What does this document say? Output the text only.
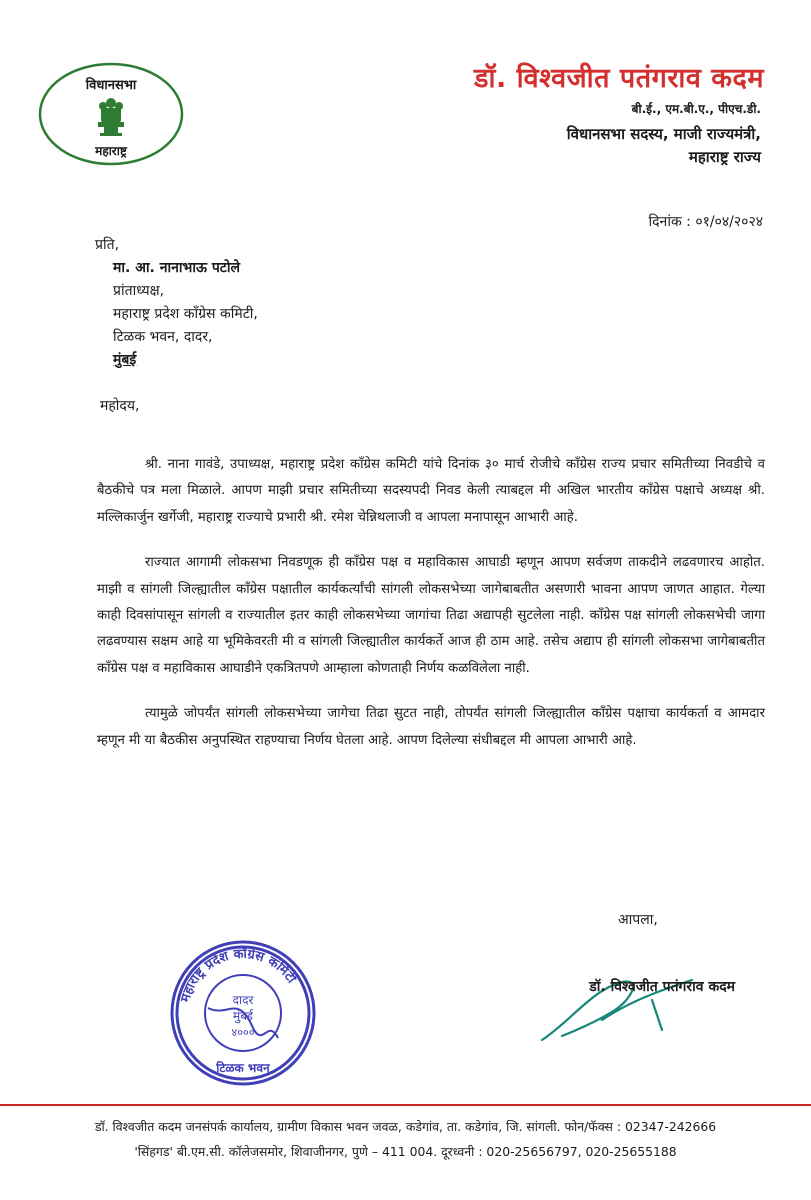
विधानसभा
महाराष्ट्र
डॉ. विश्वजीत पतंगराव कदम
बी.ई., एम.बी.ए., पीएच.डी.
विधानसभा सदस्य, माजी राज्यमंत्री,
महाराष्ट्र राज्य
दिनांक : ०१/०४/२०२४
प्रति,
मा. आ. नानाभाऊ पटोले
प्रांताध्यक्ष,
महाराष्ट्र प्रदेश कॉंग्रेस कमिटी,
टिळक भवन, दादर,
मुंबई
महोदय,

श्री. नाना गावंडे, उपाध्यक्ष, महाराष्ट्र प्रदेश कॉंग्रेस कमिटी यांचे दिनांक ३० मार्च रोजीचे कॉंग्रेस राज्य प्रचार समितीच्या निवडीचे व बैठकीचे पत्र मला मिळाले. आपण माझी प्रचार समितीच्या सदस्यपदी निवड केली त्याबद्दल मी अखिल भारतीय कॉंग्रेस पक्षाचे अध्यक्ष श्री. मल्लिकार्जुन खर्गेजी, महाराष्ट्र राज्याचे प्रभारी श्री. रमेश चेन्निथलाजी व आपला मनापासून आभारी आहे.

राज्यात आगामी लोकसभा निवडणूक ही कॉंग्रेस पक्ष व महाविकास आघाडी म्हणून आपण सर्वजण ताकदीने लढवणारच आहोत. माझी व सांगली जिल्ह्यातील कॉंग्रेस पक्षातील कार्यकर्त्यांची सांगली लोकसभेच्या जागेबाबतीत असणारी भावना आपण जाणत आहात. गेल्या काही दिवसांपासून सांगली व राज्यातील इतर काही लोकसभेच्या जागांचा तिढा अद्यापही सुटलेला नाही. कॉंग्रेस पक्ष सांगली लोकसभेची जागा लढवण्यास सक्षम आहे या भूमिकेवरती मी व सांगली जिल्ह्यातील कार्यकर्ते आज ही ठाम आहे. तसेच अद्याप ही सांगली लोकसभा जागेबाबतीत कॉंग्रेस पक्ष व महाविकास आघाडीने एकत्रितपणे आम्हाला कोणताही निर्णय कळविलेला नाही.

त्यामुळे जोपर्यंत सांगली लोकसभेच्या जागेचा तिढा सुटत नाही, तोपर्यंत सांगली जिल्ह्यातील कॉंग्रेस पक्षाचा कार्यकर्ता व आमदार म्हणून मी या बैठकीस अनुपस्थित राहण्याचा निर्णय घेतला आहे. आपण दिलेल्या संधीबद्दल मी आपला आभारी आहे.

आपला,
डॉ. विश्वजीत पतंगराव कदम
महाराष्ट्र प्रदेश कॉंग्रेस कमिटी
दादर
मुंबई
४०००
टिळक भवन
डॉ. विश्वजीत कदम जनसंपर्क कार्यालय, ग्रामीण विकास भवन जवळ, कडेगांव, ता. कडेगांव, जि. सांगली. फोन/फॅक्स : 02347-242666
'सिंहगड' बी.एम.सी. कॉलेजसमोर, शिवाजीनगर, पुणे – 411 004. दूरध्वनी : 020-25656797, 020-25655188
